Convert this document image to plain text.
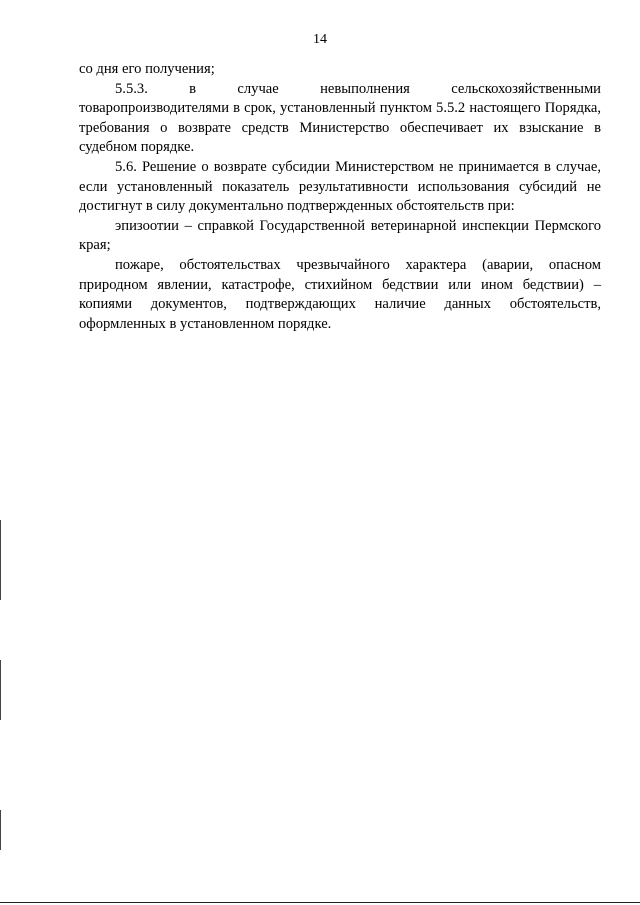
14

со дня его получения;

5.5.3. в случае невыполнения сельскохозяйственными товаропроизводителями в срок, установленный пунктом 5.5.2 настоящего Порядка, требования о возврате средств Министерство обеспечивает их взыскание в судебном порядке.

5.6. Решение о возврате субсидии Министерством не принимается в случае, если установленный показатель результативности использования субсидий не достигнут в силу документально подтвержденных обстоятельств при:

эпизоотии – справкой Государственной ветеринарной инспекции Пермского края;

пожаре, обстоятельствах чрезвычайного характера (аварии, опасном природном явлении, катастрофе, стихийном бедствии или ином бедствии) – копиями документов, подтверждающих наличие данных обстоятельств, оформленных в установленном порядке.
